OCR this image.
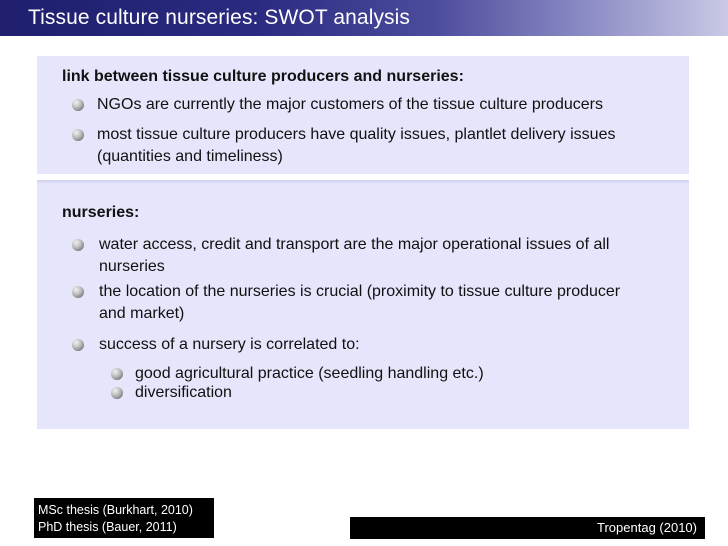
Tissue culture nurseries: SWOT analysis
link between tissue culture producers and nurseries:
NGOs are currently the major customers of the tissue culture producers
most tissue culture producers have quality issues, plantlet delivery issues (quantities and timeliness)
nurseries:
water access, credit and transport are the major operational issues of all nurseries
the location of the nurseries is crucial (proximity to tissue culture producer and market)
success of a nursery is correlated to:
good agricultural practice (seedling handling etc.)
diversification
MSc thesis (Burkhart, 2010)
PhD thesis (Bauer, 2011)	Tropentag (2010)
